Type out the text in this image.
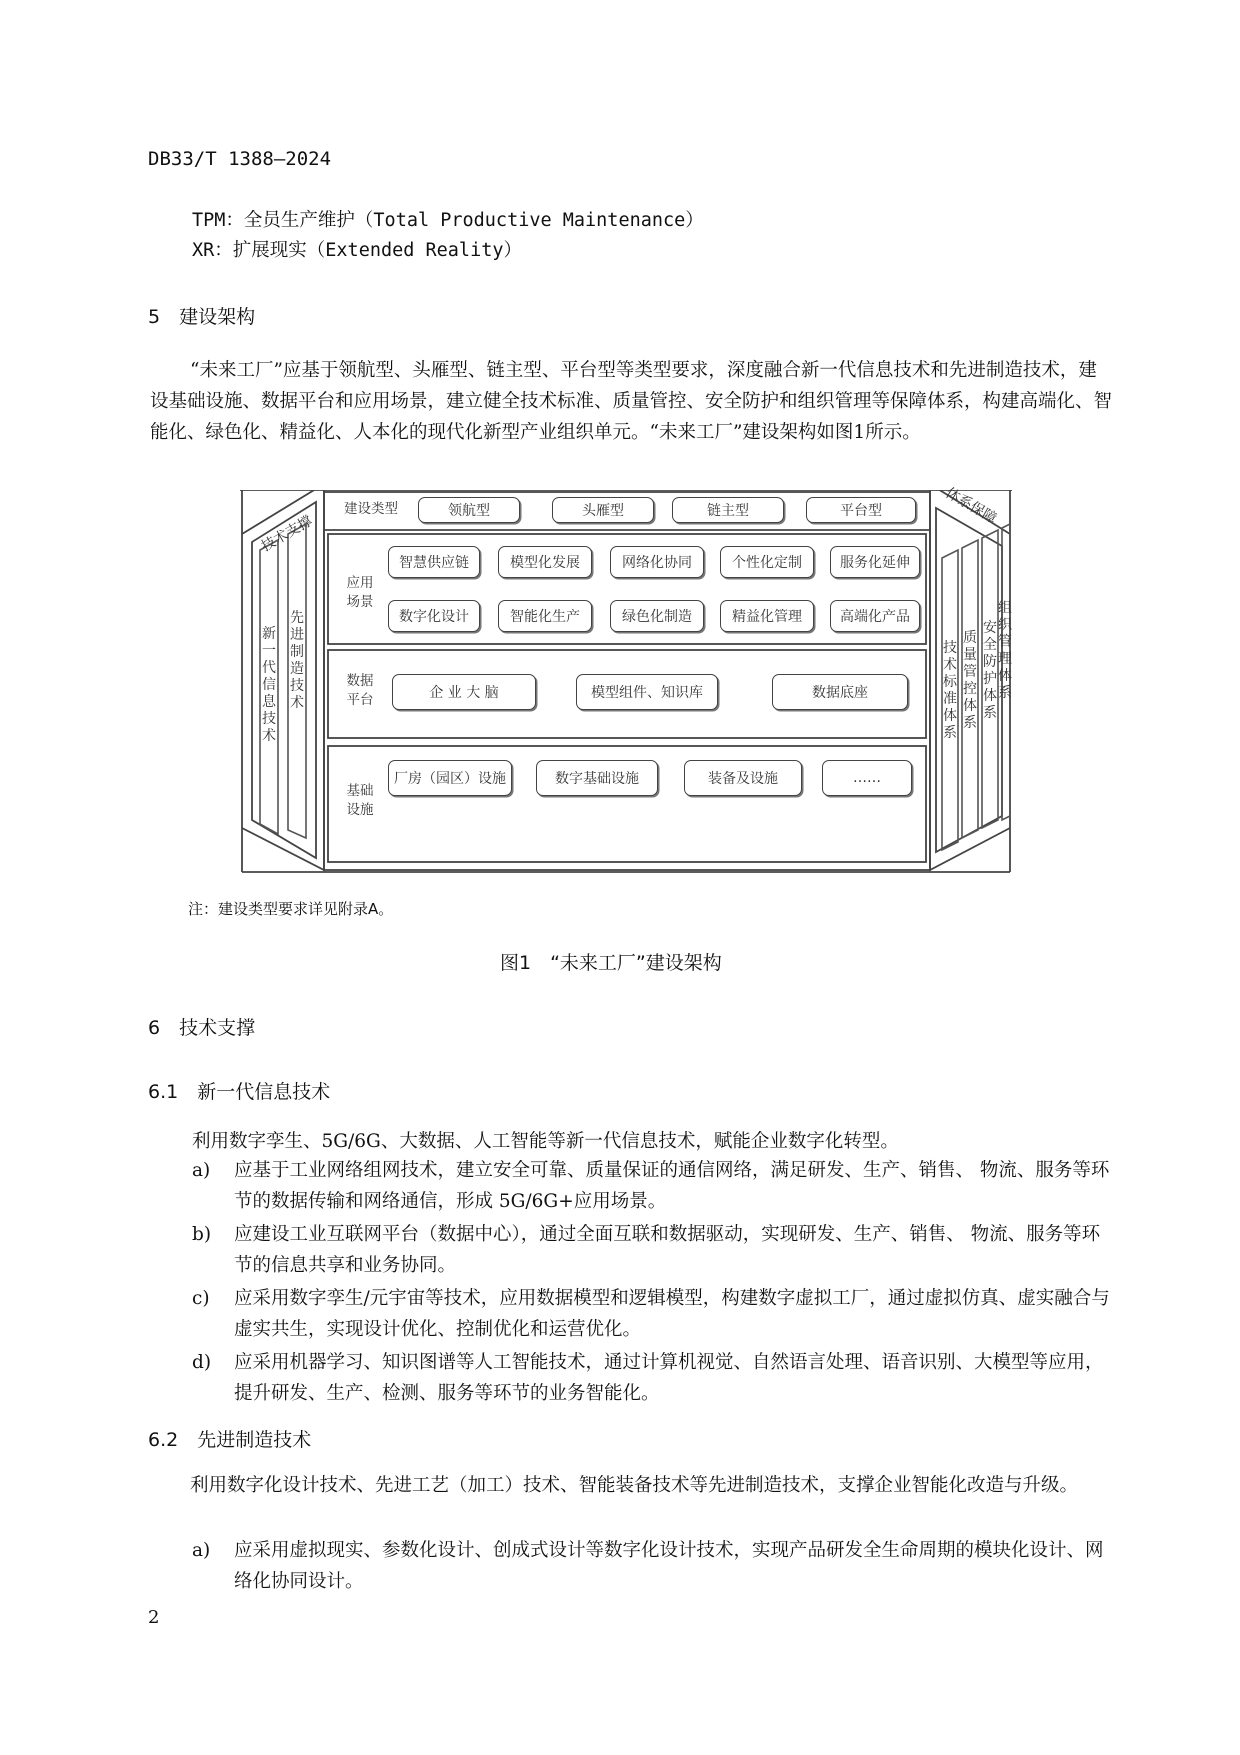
DB33/T 1388—2024
TPM：全员生产维护（Total Productive Maintenance）
XR：扩展现实（Extended Reality）
5　建设架构
“未来工厂”应基于领航型、头雁型、链主型、平台型等类型要求，深度融合新一代信息技术和先进制造技术，建设基础设施、数据平台和应用场景，建立健全技术标准、质量管控、安全防护和组织管理等保障体系，构建高端化、智能化、绿色化、精益化、人本化的现代化新型产业组织单元。“未来工厂”建设架构如图1所示。
建设类型	领航型	头雁型	链主型	平台型
应用
场景
智慧供应链	模型化发展	网络化协同	个性化定制	服务化延伸
数字化设计	智能化生产	绿色化制造	精益化管理	高端化产品
数据
平台	企 业 大 脑	模型组件、知识库	数据底座
基础
设施
厂房（园区）设施	数字基础设施	装备及设施	……
技术支撑
新一代信息技术
先进制造技术
体系保障
技术标准体系
质量管控体系
安全防护体系
组织管理体系
注：建设类型要求详见附录A。
图1　“未来工厂”建设架构
6　技术支撑
6.1　新一代信息技术
利用数字孪生、5G/6G、大数据、人工智能等新一代信息技术，赋能企业数字化转型。
a) 应基于工业网络组网技术，建立安全可靠、质量保证的通信网络，满足研发、生产、销售、 物流、服务等环节的数据传输和网络通信，形成 5G/6G+应用场景。
b) 应建设工业互联网平台（数据中心），通过全面互联和数据驱动，实现研发、生产、销售、 物流、服务等环节的信息共享和业务协同。
c) 应采用数字孪生/元宇宙等技术，应用数据模型和逻辑模型，构建数字虚拟工厂，通过虚拟仿真、虚实融合与虚实共生，实现设计优化、控制优化和运营优化。
d) 应采用机器学习、知识图谱等人工智能技术，通过计算机视觉、自然语言处理、语音识别、大模型等应用，提升研发、生产、检测、服务等环节的业务智能化。
6.2　先进制造技术
利用数字化设计技术、先进工艺（加工）技术、智能装备技术等先进制造技术，支撑企业智能化改造与升级。
a) 应采用虚拟现实、参数化设计、创成式设计等数字化设计技术，实现产品研发全生命周期的模块化设计、网络化协同设计。
2
